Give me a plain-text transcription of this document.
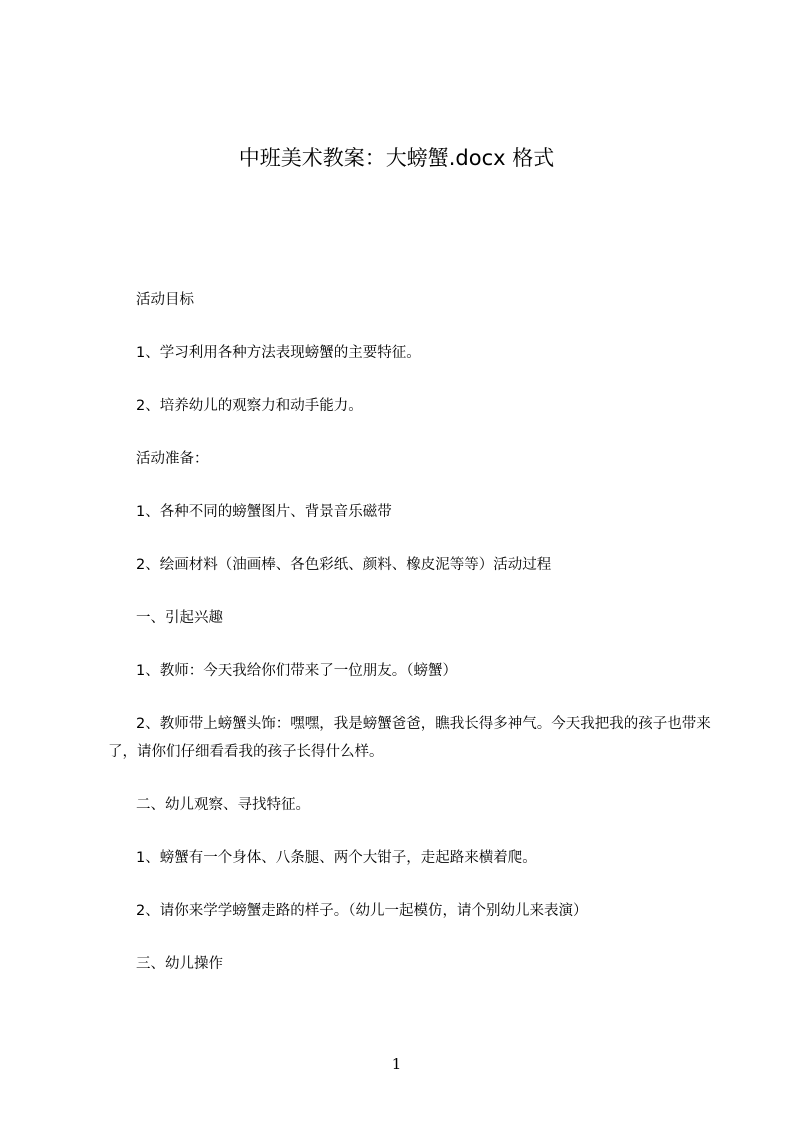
中班美术教案：大螃蟹.docx 格式

活动目标

1、学习利用各种方法表现螃蟹的主要特征。

2、培养幼儿的观察力和动手能力。

活动准备：

1、各种不同的螃蟹图片、背景音乐磁带

2、绘画材料（油画棒、各色彩纸、颜料、橡皮泥等等）活动过程

一、引起兴趣

1、教师：今天我给你们带来了一位朋友。（螃蟹）

2、教师带上螃蟹头饰：嘿嘿，我是螃蟹爸爸，瞧我长得多神气。今天我把我的孩子也带来了，请你们仔细看看我的孩子长得什么样。

二、幼儿观察、寻找特征。

1、螃蟹有一个身体、八条腿、两个大钳子，走起路来横着爬。

2、请你来学学螃蟹走路的样子。（幼儿一起模仿，请个别幼儿来表演）

三、幼儿操作

1
